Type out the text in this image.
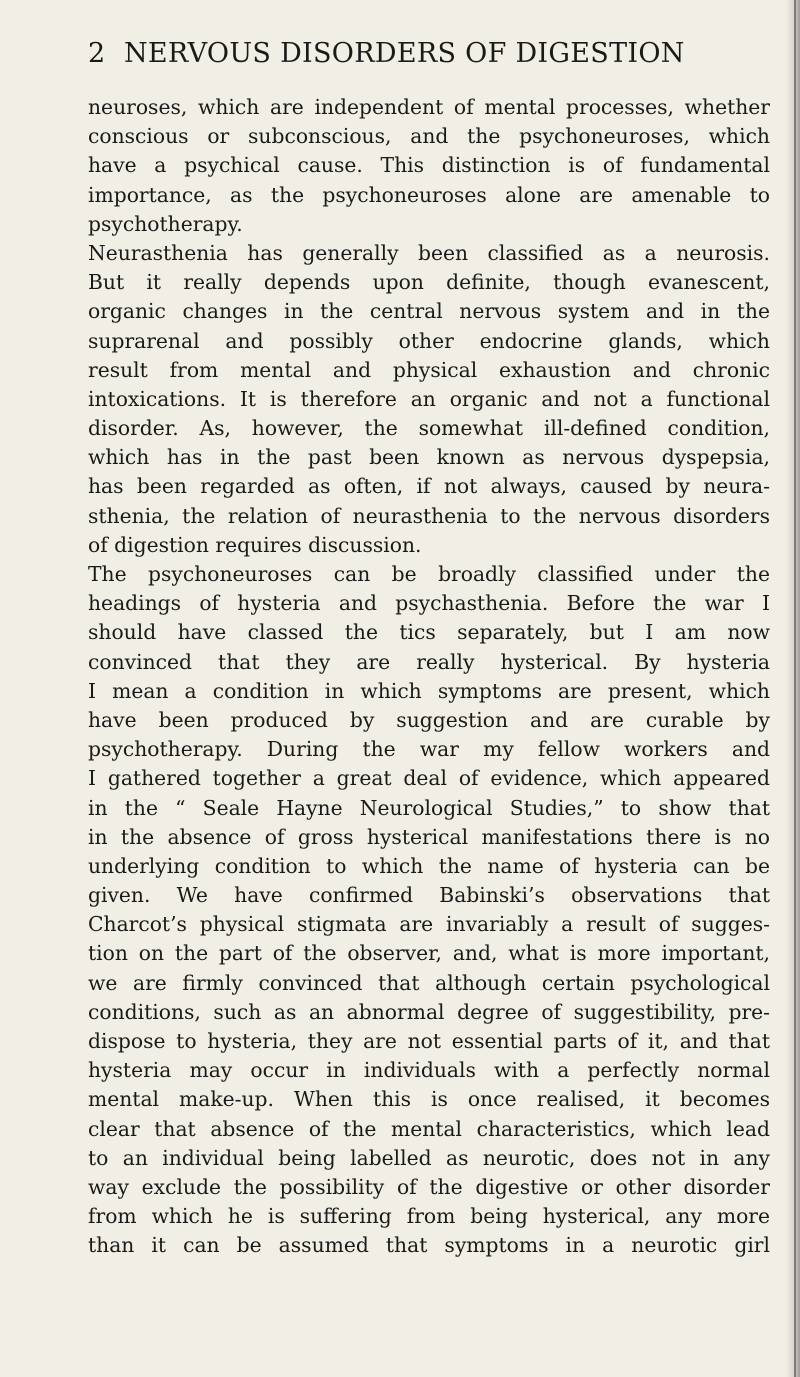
2 NERVOUS DISORDERS OF DIGESTION
neuroses, which are independent of mental processes, whether
conscious or subconscious, and the psychoneuroses, which
have a psychical cause. This distinction is of fundamental
importance, as the psychoneuroses alone are amenable to
psychotherapy.
Neurasthenia has generally been classified as a neurosis.
But it really depends upon definite, though evanescent,
organic changes in the central nervous system and in the
suprarenal and possibly other endocrine glands, which
result from mental and physical exhaustion and chronic
intoxications. It is therefore an organic and not a functional
disorder. As, however, the somewhat ill-defined condition,
which has in the past been known as nervous dyspepsia,
has been regarded as often, if not always, caused by neura-
sthenia, the relation of neurasthenia to the nervous disorders
of digestion requires discussion.
The psychoneuroses can be broadly classified under the
headings of hysteria and psychasthenia. Before the war I
should have classed the tics separately, but I am now
convinced that they are really hysterical. By hysteria
I mean a condition in which symptoms are present, which
have been produced by suggestion and are curable by
psychotherapy. During the war my fellow workers and
I gathered together a great deal of evidence, which appeared
in the “ Seale Hayne Neurological Studies,” to show that
in the absence of gross hysterical manifestations there is no
underlying condition to which the name of hysteria can be
given. We have confirmed Babinski’s observations that
Charcot’s physical stigmata are invariably a result of sugges-
tion on the part of the observer, and, what is more important,
we are firmly convinced that although certain psychological
conditions, such as an abnormal degree of suggestibility, pre-
dispose to hysteria, they are not essential parts of it, and that
hysteria may occur in individuals with a perfectly normal
mental make-up. When this is once realised, it becomes
clear that absence of the mental characteristics, which lead
to an individual being labelled as neurotic, does not in any
way exclude the possibility of the digestive or other disorder
from which he is suffering from being hysterical, any more
than it can be assumed that symptoms in a neurotic girl
